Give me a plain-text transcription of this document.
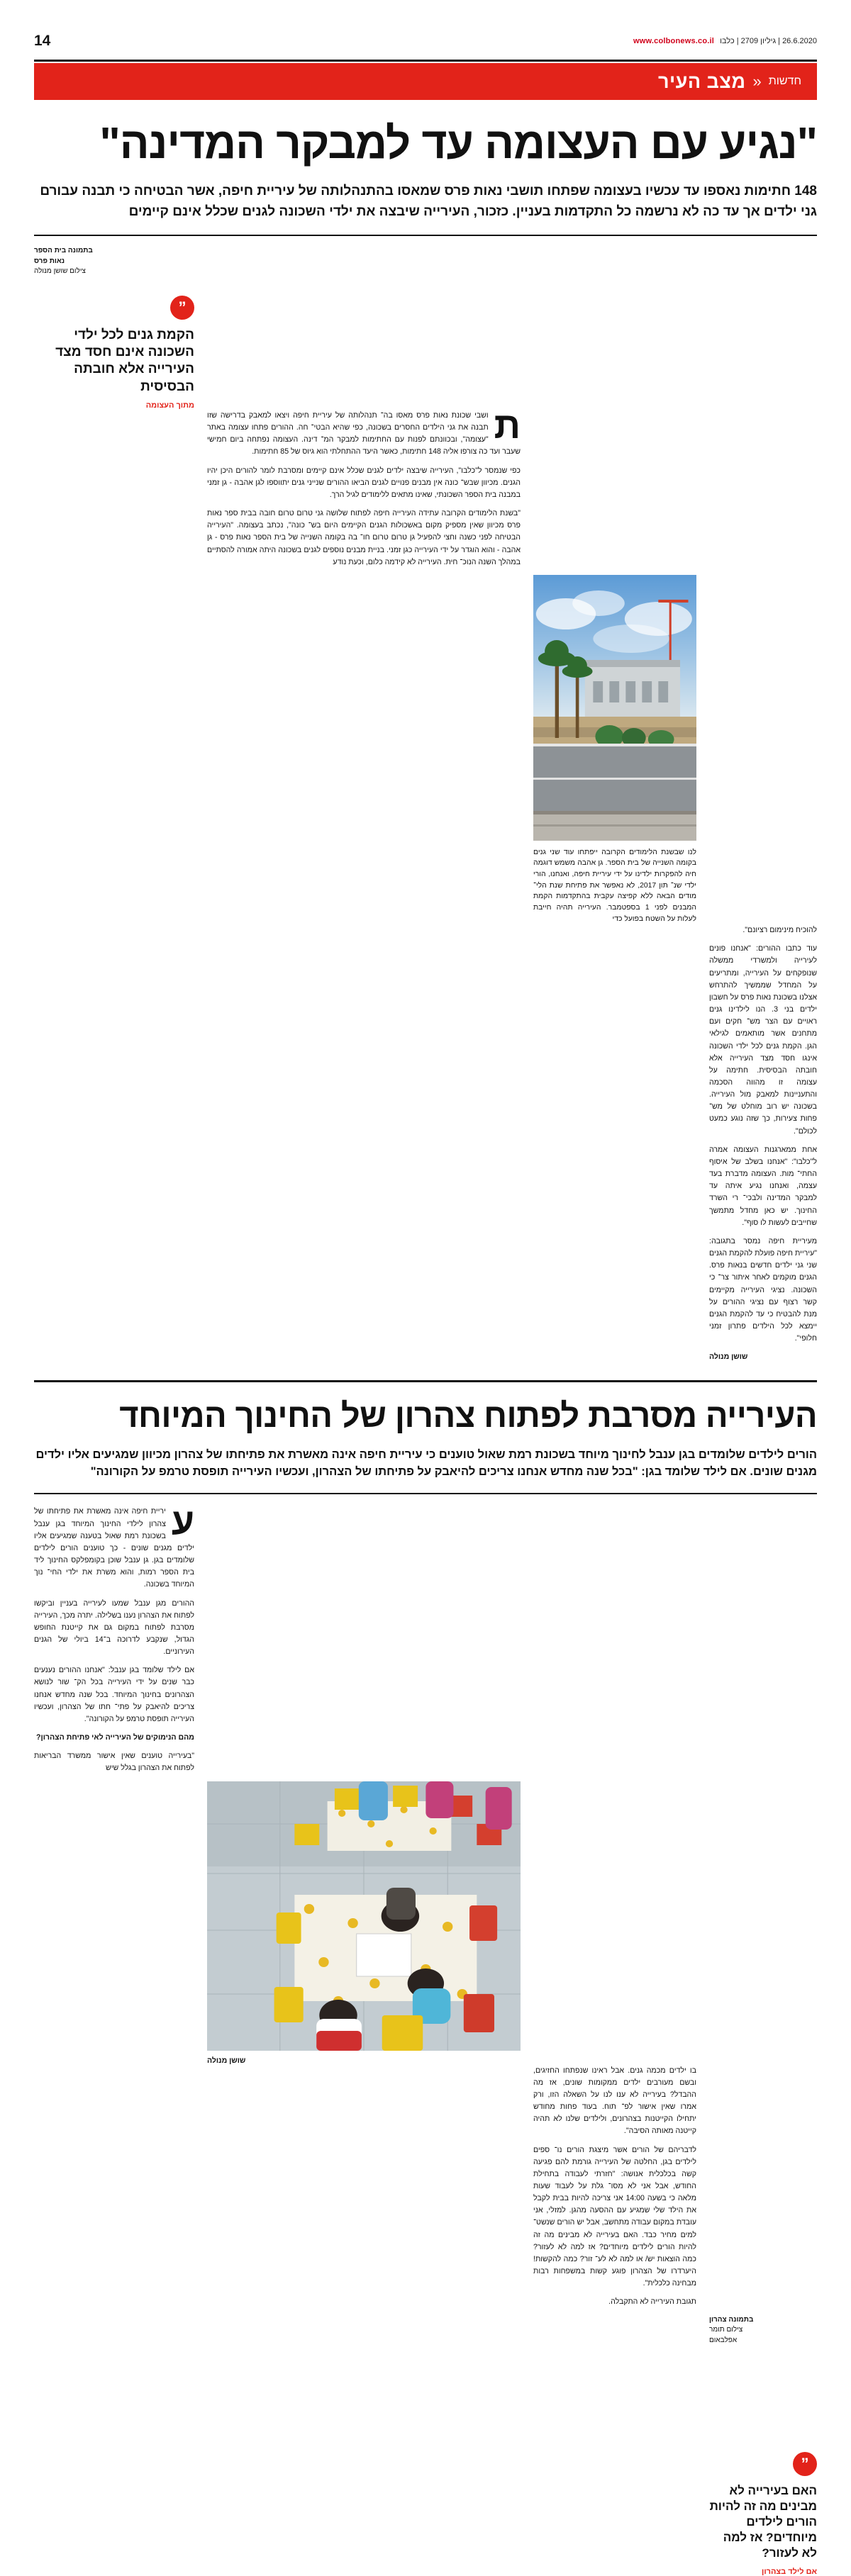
www.colbonews.co.il 26.6.2020 | גיליון 2709 | כלבו
14
חדשות
«
מצב העיר
"נגיע עם העצומה עד למבקר המדינה"

148 חתימות נאספו עד עכשיו בעצומה שפתחו תושבי נאות פרס שמאסו בהתנהלותה של עיריית חיפה, אשר הבטיחה כי תבנה עבורם גני ילדים אך עד כה לא נרשמה כל התקדמות בעניין. כזכור, העירייה שיבצה את ילדי השכונה לגנים שכלל אינם קיימים

בתמונה בית הספר
נאות פרס
צילום שושן מנולה
”
הקמת גנים לכל ילדי השכונה אינם חסד מצד העירייה אלא חובתה הבסיסית
מתוך העצומה	ת
ושבי שכונת נאות פרס מאסו בה־ תנהלותה של עיריית חיפה ויצאו למאבק בדרישה שזו תבנה את גני הילדים החסרים בשכונה, כפי שהיא הבטי־ חה. ההורים פתחו עצומה באתר "עצומה", ובכוונתם לפנות עם החתימות למבקר המ־ דינה. העצומה נפתחה ביום חמישי שעבר ועד כה צורפו אליה 148 חתימות, כאשר היעד ההתחלתי הוא גיוס של 85 חתימות.

כפי שנמסר ל"כלבו", העירייה שיבצה ילדים לגנים שכלל אינם קיימים ומסרבת לומר להורים היכן יהיו הגנים. מכיוון שבש־ כונה אין מבנים פנויים לגנים הביאו ההורים שנייני גנים יתווספו לגן אהבה - גן זמני במבנה בית הספר השכונתי, שאינו מתאים ללימודים לגיל הרך.

"בשנת הלימודים הקרובה עתידה העירייה חיפה לפתוח שלושה גני טרום טרום חובה בבית ספר נאות פרס מכיוון שאין מספיק מקום באשכולות הגנים הקיימים היום בש־ כונה", נכתב בעצומה. "העירייה הבטיחה לפני כשנה וחצי להפעיל גן טרום טרום חו־ בה בקומה השנייה של בית הספר נאות פרס - גן אהבה - והוא הוגדר על ידי העירייה כגן זמני. בניית מבנים נוספים לגנים בשכונה היתה אמורה להסתיים במהלך השנה הנוכ־ חית. העירייה לא קידמה כלום, וכעת נודע

לנו שבשנת הלימודים הקרובה ייפתחו עוד שני גנים בקומה השנייה של בית הספר. גן אהבה משמש דוגמה חיה להפקרות ילדינו על ידי עיריית חיפה, ואנחנו, הורי ילדי שנ־ תון 2017, לא נאפשר את פתיחת שנת הלי־ מודים הבאה ללא קפיצה עקבית בהתקדמות הקמת המבנים לפני 1 בספטמבר. העירייה תהיה חייבת לעלות על השטח בפועל כדי

להוכיח מינימום רציונם".

עוד כתבו ההורים: "אנחנו פונים לעירייה ולמשרדי ממשלה שנופקחים על העירייה, ומתריעים על המחדל שממשיך להתרחש אצלנו בשכונת נאות פרס על חשבון ילדים בני 3. הנו לילדינו גנים ראויים עם הצר מש־ חקים ועם מתחנים אשר מותאמים לגילאי הגן. הקמת גנים לכל ילדי השכונה אינגו חסד מצד העירייה אלא חובתה הבסיסית. חתימה על עצומה זו מהווה הסכמה והתעניינות למאבק מול העירייה. בשכונה יש רוב מוחלט של מש־ פחות צעירות, כך שזה נוגע כמעט לכולם".

אחת ממארגנות העצומה אמרה ל"כלבו": "אנחנו בשלב של איסוף החתי־ מות. העצומה מדברת בעד עצמה, ואנחנו נגיע איתה עד למבקר המדינה ולבכי־ רי השרד החינוך. יש כאן מחדל מתמשך שחייבים לעשות לו סוף".

מעיריית חיפה נמסר בתגובה: "עיריית חיפה פועלת להקמת הגנים שני גני ילדים חדשים בנאות פרס. הגנים מוקמים לאחר איתור צר־ כי השכונה. נציגי העירייה מקיימים קשר רצוף עם נציגי ההורים על מנת להבטיח כי עד להקמת הגנים יימצא לכל הילדים פתרון זמני חלופי".

שושן מנולה
העירייה מסרבת לפתוח צהרון של החינוך המיוחד

הורים לילדים שלומדים בגן ענבל לחינוך מיוחד בשכונת רמת שאול טוענים כי עיריית חיפה אינה מאשרת את פתיחתו של צהרון מכיוון שמגיעים אליו ילדים מגנים שונים. אם לילד שלומד בגן: "בכל שנה מחדש אנחנו צריכים להיאבק על פתיחתו של הצהרון, ועכשיו העירייה תופסת טרמפ על הקורונה"

ע
יריית חיפה אינה מאשרת את פתיחתו של צהרון לילדי החינוך המיוחד בגן ענבל בשכונת רמת שאול בטענה שמגיעים אליו ילדים מגנים שונים - כך טוענים הורים לילדים שלומדים בגן. גן ענבל שוכן בקומפלקס החינוך ליד בית הספר רמות, והוא משרת את ילדי החי־ נוך המיוחד בשכונה.

ההורים מגן ענבל שמעו לעירייה בעניין וביקשו לפתוח את הצהרון נענו בשלילה. יתרה מכך, העירייה מסרבת לפתוח במקום גם את קייטנת החופש הגדול, שנקבע לדרוכה ב־14 ביולי של הגנים העירוניים.

אם לילד שלומד בגן ענבל: "אנחנו ההורים נענעים כבר שנים על ידי העירייה בכל הק־ שור לנושא הצהרונים בחינוך המיוחד. בכל שנה מחדש אנחנו צריכים להיאבק על פתי־ חתו של הצהרון, ועכשיו העירייה תופסת טרמפ על הקורונה".

מהם הנימוקים של העירייה לאי פתיחת הצהרון?

"בעירייה טוענים שאין אישור ממשרד הבריאות לפתוח את הצהרון בגלל שיש

שושן מנולה

בו ילדים מכמה גנים. אבל ראינו שנפתחו החזיגים, ובשם מעורבים ילדים ממקומות שונים, אז מה ההבדל? בעירייה לא ענו לנו על השאלה הזו, ורק אמרו שאין אישור לפ־ תוח. בעוד פחות מחודש יתחילו הקייטנות בצהרונים, ולילדים שלנו לא תהיה קייטנה מאותה הסיבה".

לדבריהם של הורים אשר מיצגת הורים נו־ ספים לילדים בגן, החלטה של העירייה גורמת להם פגיעה קשה בכלכלית אנושה: "חזרתי לעבודה בתחילת החודש, אבל אני לא מסו־ גלת על לעבוד שעות מלאה כי בשעה 14:00 אני צריכה להיות בבית לקבל את הילד שלי שמגיע עם ההסעה מהגן. למזלי, אני עובדת במקום עבודה מתחשב, אבל יש הורים שנשט־ למים מחיר כבד. האם בעירייה לא מבינים מה זה להיות הורים לילדים מיוחדים? אז למה לא לעזור? כמה הוצאות יש/ או למה לא לע־ זור? כמה להקשות! היערדרו של הצהרון פוגע קשות במשפחות רבות מבחינה כלכלית".

תגובת העירייה לא התקבלה.

בתמונה צהרון
צילום תומר
אפלבאום
”
האם בעירייה לא מבינים מה זה להיות הורים לילדים מיוחדים? אז למה לא לעזור?
אם לילד בצהרון
